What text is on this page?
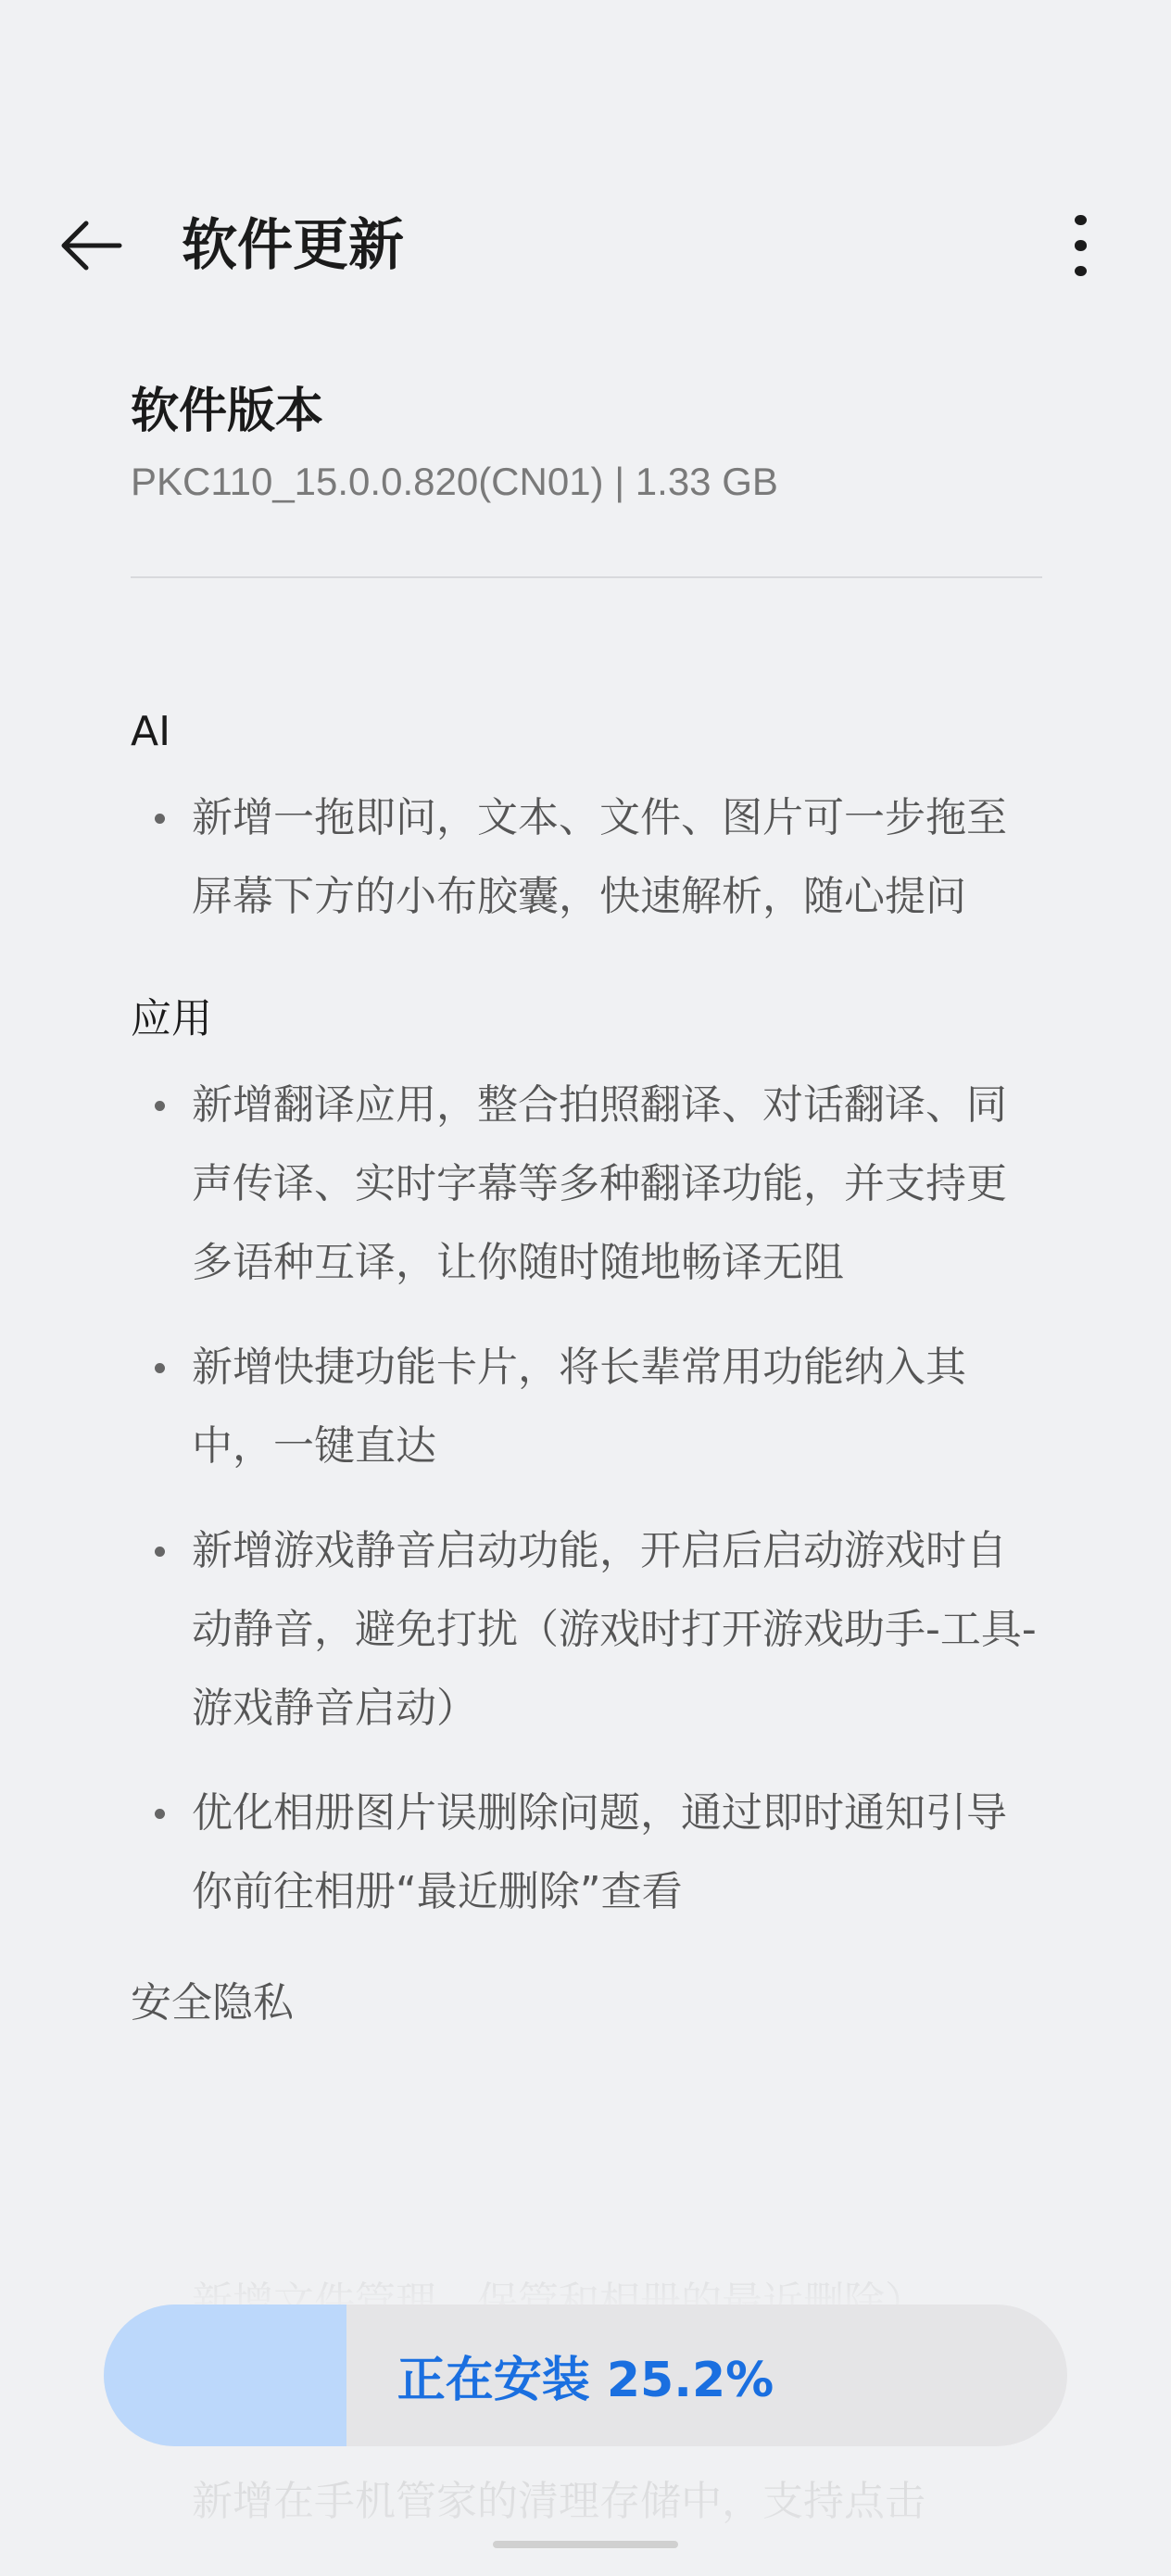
软件更新
软件版本
PKC110_15.0.0.820(CN01) | 1.33 GB
AI
新增一拖即问，文本、文件、图片可一步拖至屏幕下方的小布胶囊，快速解析，随心提问
应用
新增翻译应用，整合拍照翻译、对话翻译、同声传译、实时字幕等多种翻译功能，并支持更多语种互译，让你随时随地畅译无阻
新增快捷功能卡片，将长辈常用功能纳入其中，一键直达
新增游戏静音启动功能，开启后启动游戏时自动静音，避免打扰（游戏时打开游戏助手-工具-游戏静音启动）
优化相册图片误删除问题，通过即时通知引导你前往相册“最近删除”查看
安全隐私
正在安装 25.2%
